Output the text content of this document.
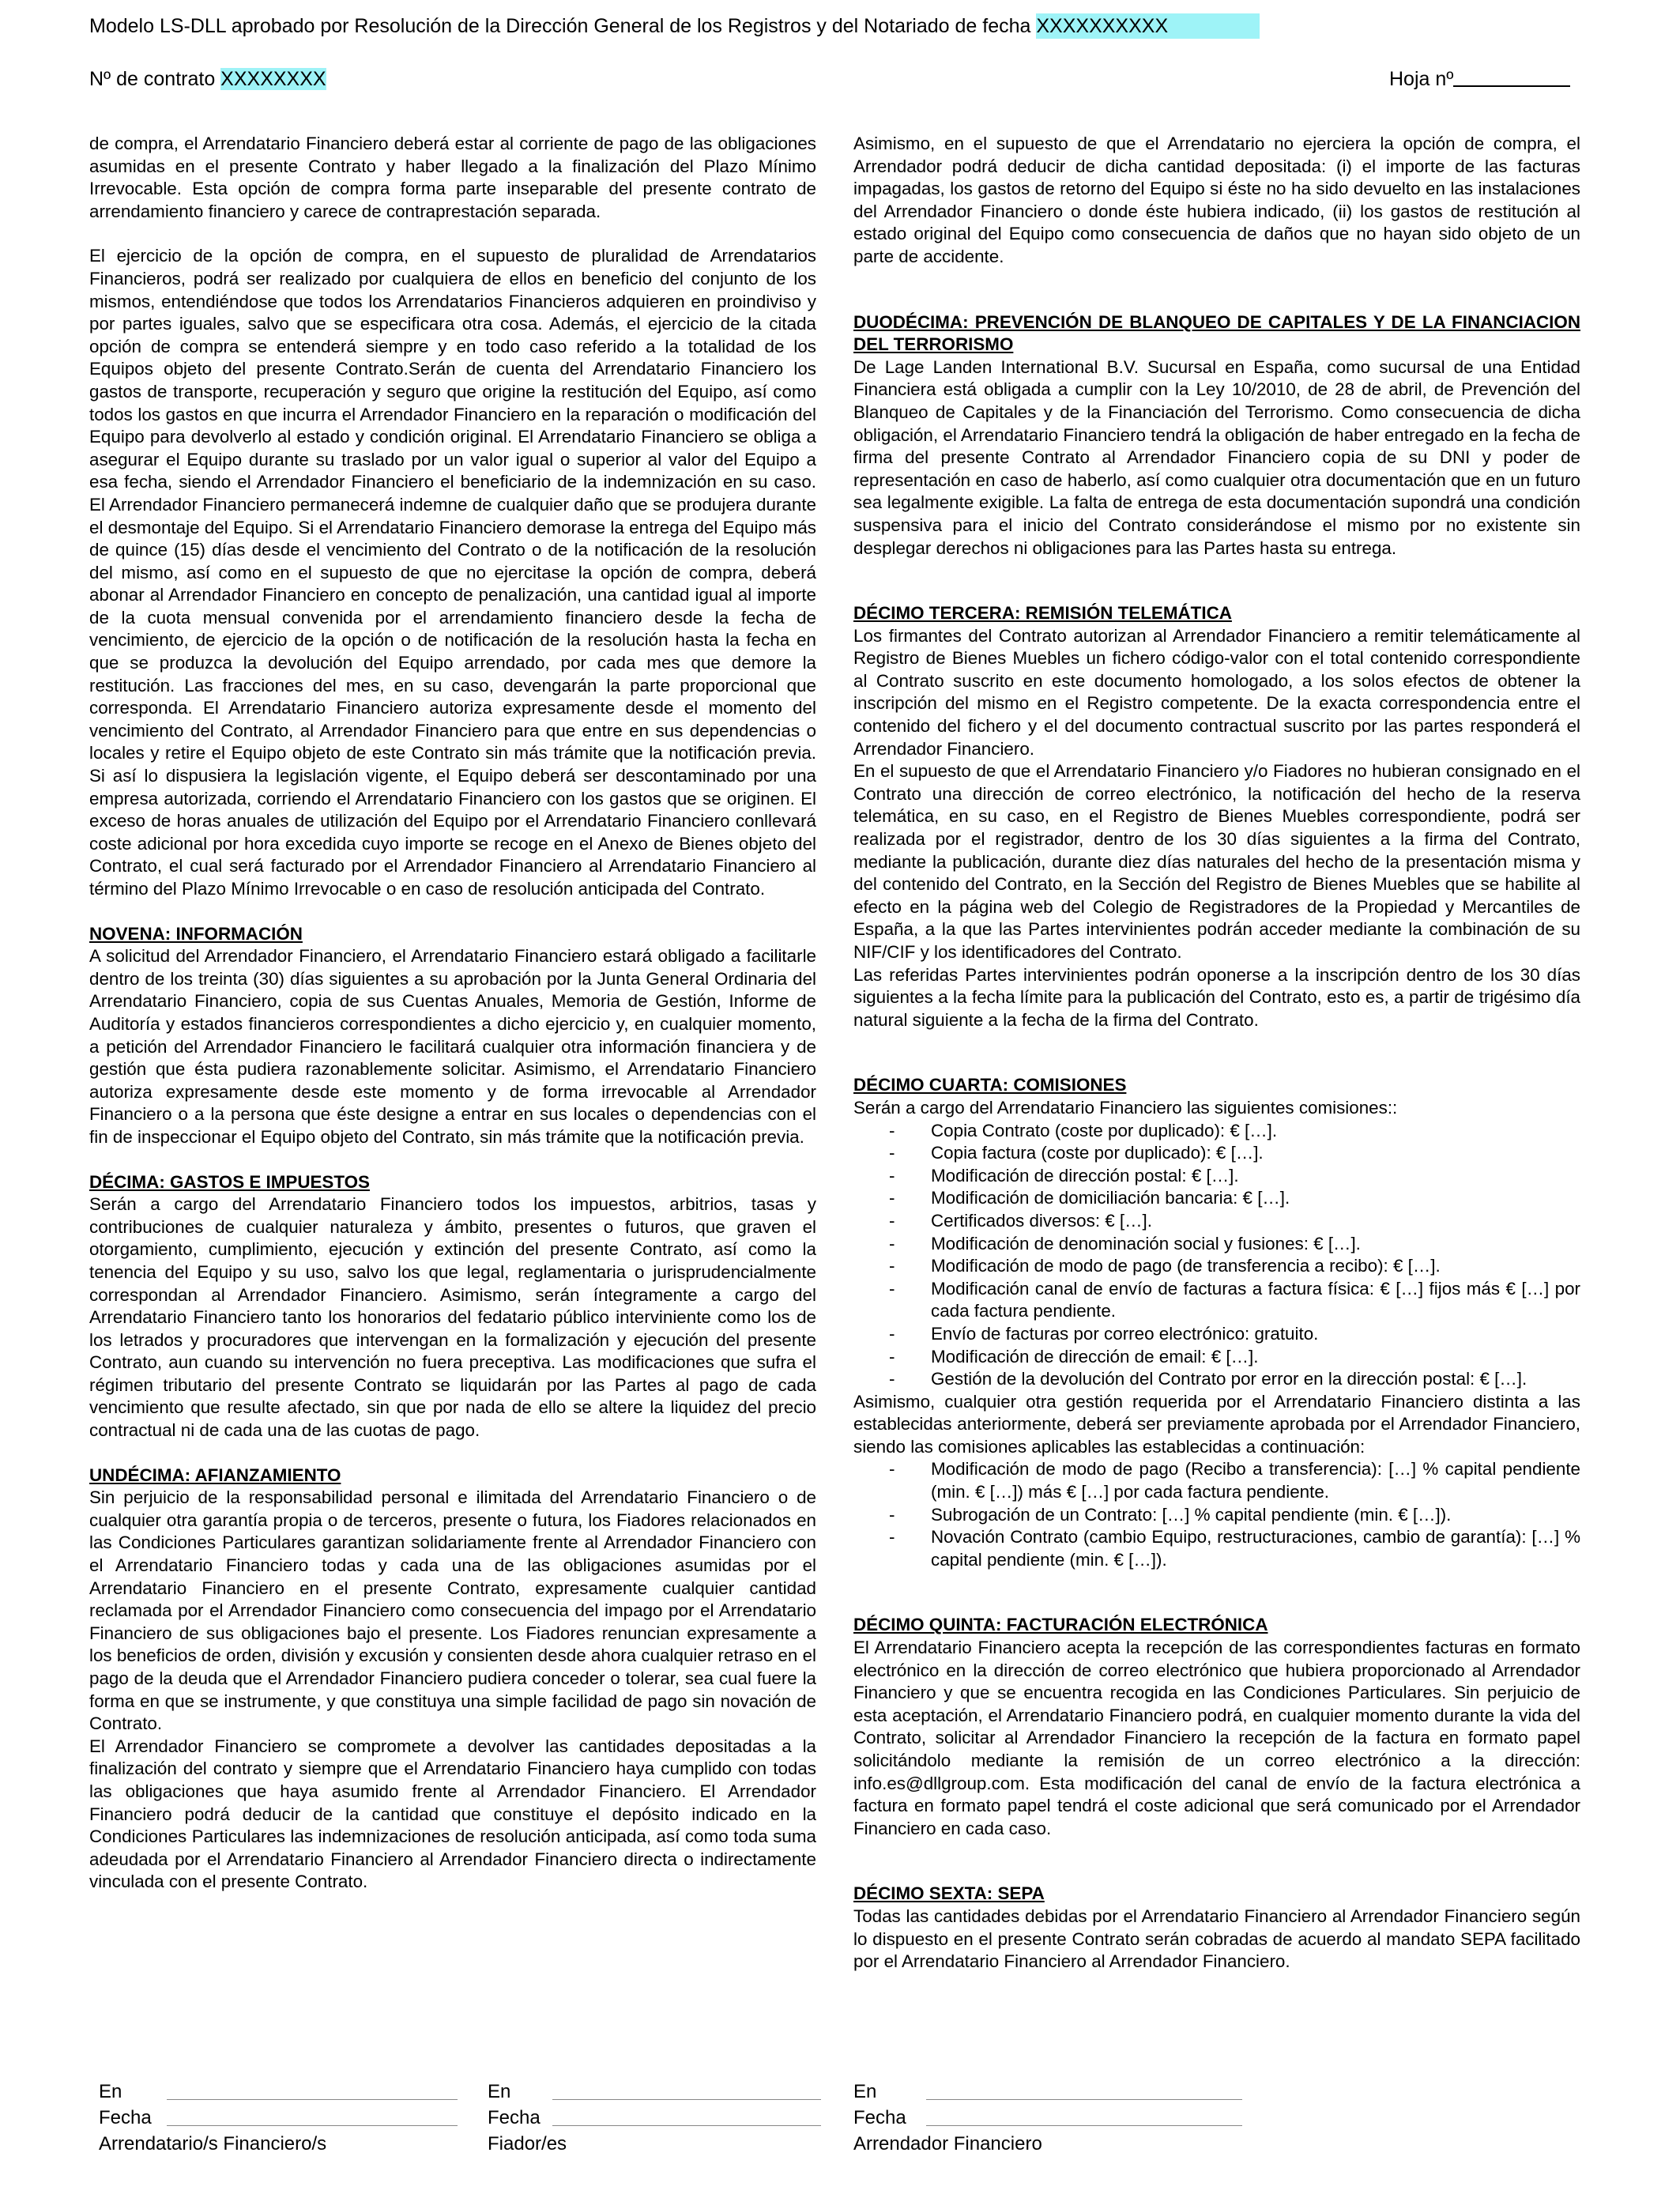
Modelo LS-DLL aprobado por Resolución de la Dirección General de los Registros y del Notariado de fecha XXXXXXXXXX
Nº de contrato XXXXXXXX	Hoja nº

de compra, el Arrendatario Financiero deberá estar al corriente de pago de las obligaciones asumidas en el presente Contrato y haber llegado a la finalización del Plazo Mínimo Irrevocable. Esta opción de compra forma parte inseparable del presente contrato de arrendamiento financiero y carece de contraprestación separada.

El ejercicio de la opción de compra, en el supuesto de pluralidad de Arrendatarios Financieros, podrá ser realizado por cualquiera de ellos en beneficio del conjunto de los mismos, entendiéndose que todos los Arrendatarios Financieros adquieren en proindiviso y por partes iguales, salvo que se especificara otra cosa. Además, el ejercicio de la citada opción de compra se entenderá siempre y en todo caso referido a la totalidad de los Equipos objeto del presente Contrato.Serán de cuenta del Arrendatario Financiero los gastos de transporte, recuperación y seguro que origine la restitución del Equipo, así como todos los gastos en que incurra el Arrendador Financiero en la reparación o modificación del Equipo para devolverlo al estado y condición original. El Arrendatario Financiero se obliga a asegurar el Equipo durante su traslado por un valor igual o superior al valor del Equipo a esa fecha, siendo el Arrendador Financiero el beneficiario de la indemnización en su caso. El Arrendador Financiero permanecerá indemne de cualquier daño que se produjera durante el desmontaje del Equipo. Si el Arrendatario Financiero demorase la entrega del Equipo más de quince (15) días desde el vencimiento del Contrato o de la notificación de la resolución del mismo, así como en el supuesto de que no ejercitase la opción de compra, deberá abonar al Arrendador Financiero en concepto de penalización, una cantidad igual al importe de la cuota mensual convenida por el arrendamiento financiero desde la fecha de vencimiento, de ejercicio de la opción o de notificación de la resolución hasta la fecha en que se produzca la devolución del Equipo arrendado, por cada mes que demore la restitución. Las fracciones del mes, en su caso, devengarán la parte proporcional que corresponda. El Arrendatario Financiero autoriza expresamente desde el momento del vencimiento del Contrato, al Arrendador Financiero para que entre en sus dependencias o locales y retire el Equipo objeto de este Contrato sin más trámite que la notificación previa. Si así lo dispusiera la legislación vigente, el Equipo deberá ser descontaminado por una empresa autorizada, corriendo el Arrendatario Financiero con los gastos que se originen. El exceso de horas anuales de utilización del Equipo por el Arrendatario Financiero conllevará coste adicional por hora excedida cuyo importe se recoge en el Anexo de Bienes objeto del Contrato, el cual será facturado por el Arrendador Financiero al Arrendatario Financiero al término del Plazo Mínimo Irrevocable o en caso de resolución anticipada del Contrato.

NOVENA: INFORMACIÓN

A solicitud del Arrendador Financiero, el Arrendatario Financiero estará obligado a facilitarle dentro de los treinta (30) días siguientes a su aprobación por la Junta General Ordinaria del Arrendatario Financiero, copia de sus Cuentas Anuales, Memoria de Gestión, Informe de Auditoría y estados financieros correspondientes a dicho ejercicio y, en cualquier momento, a petición del Arrendador Financiero le facilitará cualquier otra información financiera y de gestión que ésta pudiera razonablemente solicitar. Asimismo, el Arrendatario Financiero autoriza expresamente desde este momento y de forma irrevocable al Arrendador Financiero o a la persona que éste designe a entrar en sus locales o dependencias con el fin de inspeccionar el Equipo objeto del Contrato, sin más trámite que la notificación previa.

DÉCIMA: GASTOS E IMPUESTOS

Serán a cargo del Arrendatario Financiero todos los impuestos, arbitrios, tasas y contribuciones de cualquier naturaleza y ámbito, presentes o futuros, que graven el otorgamiento, cumplimiento, ejecución y extinción del presente Contrato, así como la tenencia del Equipo y su uso, salvo los que legal, reglamentaria o jurisprudencialmente correspondan al Arrendador Financiero. Asimismo, serán íntegramente a cargo del Arrendatario Financiero tanto los honorarios del fedatario público interviniente como los de los letrados y procuradores que intervengan en la formalización y ejecución del presente Contrato, aun cuando su intervención no fuera preceptiva. Las modificaciones que sufra el régimen tributario del presente Contrato se liquidarán por las Partes al pago de cada vencimiento que resulte afectado, sin que por nada de ello se altere la liquidez del precio contractual ni de cada una de las cuotas de pago.

UNDÉCIMA: AFIANZAMIENTO

Sin perjuicio de la responsabilidad personal e ilimitada del Arrendatario Financiero o de cualquier otra garantía propia o de terceros, presente o futura, los Fiadores relacionados en las Condiciones Particulares garantizan solidariamente frente al Arrendador Financiero con el Arrendatario Financiero todas y cada una de las obligaciones asumidas por el Arrendatario Financiero en el presente Contrato, expresamente cualquier cantidad reclamada por el Arrendador Financiero como consecuencia del impago por el Arrendatario Financiero de sus obligaciones bajo el presente. Los Fiadores renuncian expresamente a los beneficios de orden, división y excusión y consienten desde ahora cualquier retraso en el pago de la deuda que el Arrendador Financiero pudiera conceder o tolerar, sea cual fuere la forma en que se instrumente, y que constituya una simple facilidad de pago sin novación de Contrato.

El Arrendador Financiero se compromete a devolver las cantidades depositadas a la finalización del contrato y siempre que el Arrendatario Financiero haya cumplido con todas las obligaciones que haya asumido frente al Arrendador Financiero. El Arrendador Financiero podrá deducir de la cantidad que constituye el depósito indicado en la Condiciones Particulares las indemnizaciones de resolución anticipada, así como toda suma adeudada por el Arrendatario Financiero al Arrendador Financiero directa o indirectamente vinculada con el presente Contrato.

Asimismo, en el supuesto de que el Arrendatario no ejerciera la opción de compra, el Arrendador podrá deducir de dicha cantidad depositada: (i) el importe de las facturas impagadas, los gastos de retorno del Equipo si éste no ha sido devuelto en las instalaciones del Arrendador Financiero o donde éste hubiera indicado, (ii) los gastos de restitución al estado original del Equipo como consecuencia de daños que no hayan sido objeto de un parte de accidente.

DUODÉCIMA: PREVENCIÓN DE BLANQUEO DE CAPITALES Y DE LA FINANCIACION DEL TERRORISMO

De Lage Landen International B.V. Sucursal en España, como sucursal de una Entidad Financiera está obligada a cumplir con la Ley 10/2010, de 28 de abril, de Prevención del Blanqueo de Capitales y de la Financiación del Terrorismo. Como consecuencia de dicha obligación, el Arrendatario Financiero tendrá la obligación de haber entregado en la fecha de firma del presente Contrato al Arrendador Financiero copia de su DNI y poder de representación en caso de haberlo, así como cualquier otra documentación que en un futuro sea legalmente exigible. La falta de entrega de esta documentación supondrá una condición suspensiva para el inicio del Contrato considerándose el mismo por no existente sin desplegar derechos ni obligaciones para las Partes hasta su entrega.

DÉCIMO TERCERA: REMISIÓN TELEMÁTICA

Los firmantes del Contrato autorizan al Arrendador Financiero a remitir telemáticamente al Registro de Bienes Muebles un fichero código-valor con el total contenido correspondiente al Contrato suscrito en este documento homologado, a los solos efectos de obtener la inscripción del mismo en el Registro competente. De la exacta correspondencia entre el contenido del fichero y el del documento contractual suscrito por las partes responderá el Arrendador Financiero.

En el supuesto de que el Arrendatario Financiero y/o Fiadores no hubieran consignado en el Contrato una dirección de correo electrónico, la notificación del hecho de la reserva telemática, en su caso, en el Registro de Bienes Muebles correspondiente, podrá ser realizada por el registrador, dentro de los 30 días siguientes a la firma del Contrato, mediante la publicación, durante diez días naturales del hecho de la presentación misma y del contenido del Contrato, en la Sección del Registro de Bienes Muebles que se habilite al efecto en la página web del Colegio de Registradores de la Propiedad y Mercantiles de España, a la que las Partes intervinientes podrán acceder mediante la combinación de su NIF/CIF y los identificadores del Contrato.

Las referidas Partes intervinientes podrán oponerse a la inscripción dentro de los 30 días siguientes a la fecha límite para la publicación del Contrato, esto es, a partir de trigésimo día natural siguiente a la fecha de la firma del Contrato.

DÉCIMO CUARTA: COMISIONES

Serán a cargo del Arrendatario Financiero las siguientes comisiones::

- Copia Contrato (coste por duplicado): € […].
- Copia factura (coste por duplicado): € […].
- Modificación de dirección postal: € […].
- Modificación de domiciliación bancaria: € […].
- Certificados diversos: € […].
- Modificación de denominación social y fusiones: € […].
- Modificación de modo de pago (de transferencia a recibo): € […].
- Modificación canal de envío de facturas a factura física: € […] fijos más € […] por cada factura pendiente.
- Envío de facturas por correo electrónico: gratuito.
- Modificación de dirección de email: € […].
- Gestión de la devolución del Contrato por error en la dirección postal: € […].

Asimismo, cualquier otra gestión requerida por el Arrendatario Financiero distinta a las establecidas anteriormente, deberá ser previamente aprobada por el Arrendador Financiero, siendo las comisiones aplicables las establecidas a continuación:

- Modificación de modo de pago (Recibo a transferencia): […] % capital pendiente (min. € […]) más € […] por cada factura pendiente.
- Subrogación de un Contrato: […] % capital pendiente (min. € […]).
- Novación Contrato (cambio Equipo, restructuraciones, cambio de garantía): […] % capital pendiente (min. € […]).

DÉCIMO QUINTA: FACTURACIÓN ELECTRÓNICA

El Arrendatario Financiero acepta la recepción de las correspondientes facturas en formato electrónico en la dirección de correo electrónico que hubiera proporcionado al Arrendador Financiero y que se encuentra recogida en las Condiciones Particulares. Sin perjuicio de esta aceptación, el Arrendatario Financiero podrá, en cualquier momento durante la vida del Contrato, solicitar al Arrendador Financiero la recepción de la factura en formato papel solicitándolo mediante la remisión de un correo electrónico a la dirección: info.es@dllgroup.com. Esta modificación del canal de envío de la factura electrónica a factura en formato papel tendrá el coste adicional que será comunicado por el Arrendador Financiero en cada caso.

DÉCIMO SEXTA: SEPA

Todas las cantidades debidas por el Arrendatario Financiero al Arrendador Financiero según lo dispuesto en el presente Contrato serán cobradas de acuerdo al mandato SEPA facilitado por el Arrendatario Financiero al Arrendador Financiero.

En
Fecha
Arrendatario/s Financiero/s
En
Fecha
Fiador/es
En
Fecha
Arrendador Financiero
